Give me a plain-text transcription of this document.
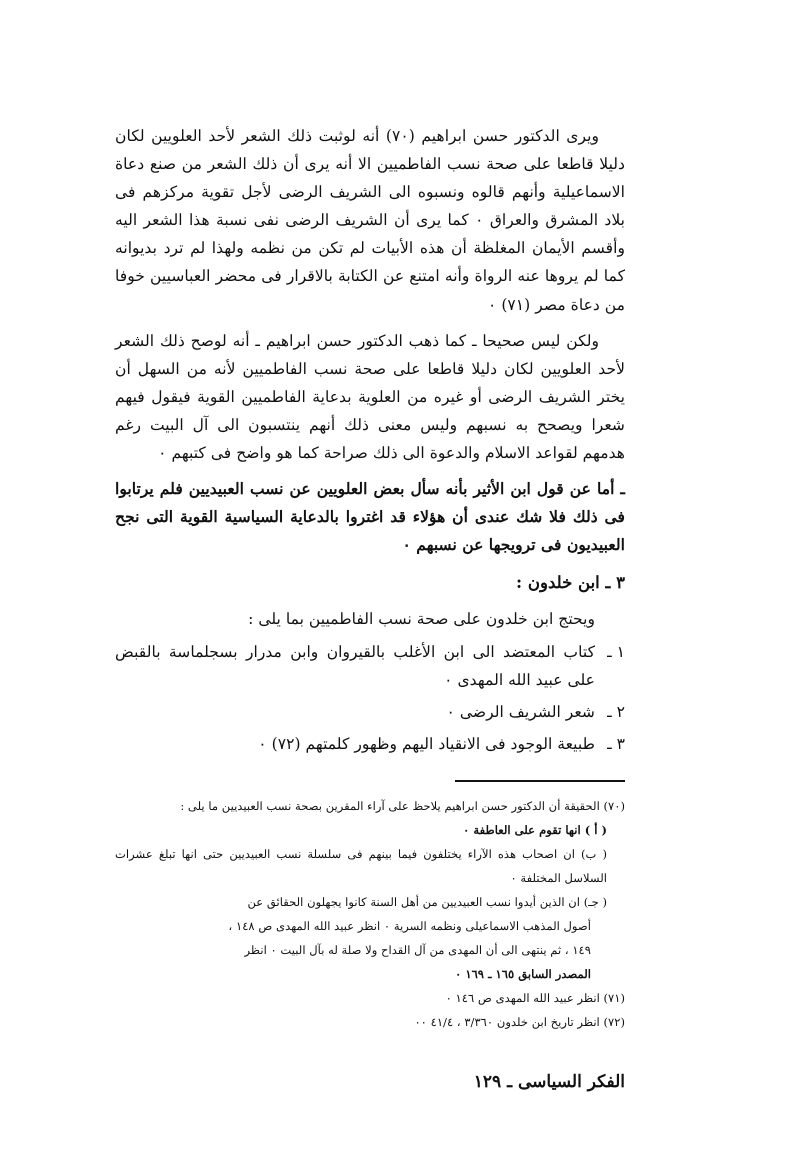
ويرى الدكتور حسن ابراهيم (٧٠) أنه لوثبت ذلك الشعر لأحد العلويين لكان دليلا قاطعا على صحة نسب الفاطميين الا أنه يرى أن ذلك الشعر من صنع دعاة الاسماعيلية وأنهم قالوه ونسبوه الى الشريف الرضى لأجل تقوية مركزهم فى بلاد المشرق والعراق ٠ كما يرى أن الشريف الرضى نفى نسبة هذا الشعر اليه وأقسم الأيمان المغلظة أن هذه الأبيات لم تكن من نظمه ولهذا لم ترد بديوانه كما لم يروها عنه الرواة وأنه امتنع عن الكتابة بالاقرار فى محضر العباسيين خوفا من دعاة مصر (٧١) ٠

ولكن ليس صحيحا ـ كما ذهب الدكتور حسن ابراهيم ـ أنه لوصح ذلك الشعر لأحد العلويين لكان دليلا قاطعا على صحة نسب الفاطميين لأنه من السهل أن يختر الشريف الرضى أو غيره من العلوية بدعاية الفاطميين القوية فيقول فيهم شعرا ويصحح به نسبهم وليس معنى ذلك أنهم ينتسبون الى آل البيت رغم هدمهم لقواعد الاسلام والدعوة الى ذلك صراحة كما هو واضح فى كتبهم ٠

ـ أما عن قول ابن الأثير بأنه سأل بعض العلويين عن نسب العبيديين فلم يرتابوا فى ذلك فلا شك عندى أن هؤلاء قد اغتروا بالدعاية السياسية القوية التى نجح العبيديون فى ترويجها عن نسبهم ٠

٣ ـ ابن خلدون :

ويحتج ابن خلدون على صحة نسب الفاطميين بما يلى :

١ ـ
كتاب المعتضد الى ابن الأغلب بالقيروان وابن مدرار بسجلماسة بالقبض على عبيد الله المهدى ٠
٢ ـ
شعر الشريف الرضى ٠
٣ ـ
طبيعة الوجود فى الانقياد اليهم وظهور كلمتهم (٧٢) ٠

(٧٠) الحقيقة أن الدكتور حسن ابراهيم يلاحظ على آراء المقرين بصحة نسب العبيديين ما يلى :

( أ ) انها تقوم على العاطفة ٠

( ب) ان اصحاب هذه الآراء يختلفون فيما بينهم فى سلسلة نسب العبيديين حتى انها تبلغ عشرات السلاسل المختلفة ٠

( جـ) ان الذين أيدوا نسب العبيديين من أهل السنة كانوا يجهلون الحقائق عن

أصول المذهب الاسماعيلى ونظمه السرية ٠ انظر عبيد الله المهدى ص ١٤٨ ،

١٤٩ ، ثم ينتهى الى أن المهدى من آل القداح ولا صلة له بآل البيت ٠ انظر

المصدر السابق ١٦٥ ـ ١٦٩ ٠

(٧١) انظر عبيد الله المهدى ص ١٤٦ ٠

(٧٢) انظر تاريخ ابن خلدون ٣/٣٦٠ ، ٤١/٤ ٠٠

الفكر السياسى ـ ١٢٩
